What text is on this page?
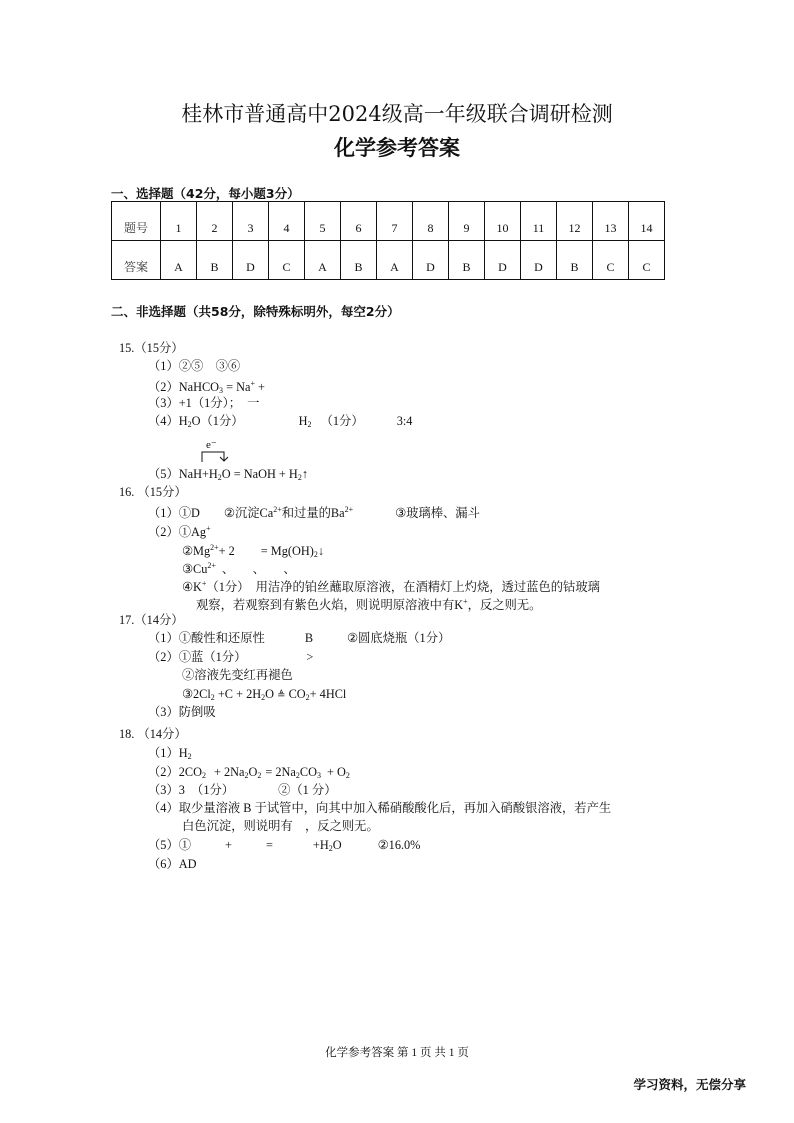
桂林市普通高中2024级高一年级联合调研检测
化学参考答案
一、选择题（42分，每小题3分）
题号	1	2	3	4	5	6	7	8	9	10	11	12	13	14

答案	A	B	D	C	A	B	A	D	B	D	D	B	C	C
二、非选择题（共58分，除特殊标明外，每空2分）
15.（15分）
（1）②⑤　③⑥
（2）NaHCO$_3$ = Na+ +
（3）+1（1分）；　一
$(4)H_2O(1$分）	$H_2$ （1分）	3:4
e⁻
$(5)NaH+H_2O$ = NaOH + $H_2↑$
16. （15分）
（1）①D ②沉淀$Ca^{2+}$和过量的$Ba^{2+}$	③玻璃棒、漏斗
（2）①Ag+
$②Mg^{2+}+ 2$ = $Mg(OH)_2↓$
$③Cu^{2+}$ 、　　、　　、
④K+（1分）　用洁净的铂丝蘸取原溶液，在酒精灯上灼烧，透过蓝色的钴玻璃
观察，若观察到有紫色火焰，则说明原溶液中有K+，反之则无。
17.（14分）
（1）①酸性和还原性	B	②圆底烧瓶（1分）
（2）①蓝（1分）	>
②溶液先变红再褪色
$③2Cl_2 +C + 2H_2O$ ≜ $CO_2+ 4HCl$
（3）防倒吸
18. （14分）
$(1)H_2$
$(2)2CO_2 + 2Na_2O_2 = 2Na_2CO_3 + O_2$
（3）3　（1分）	②（1 分）
（4）取少量溶液 B 于试管中，向其中加入稀硝酸酸化后，再加入硝酸银溶液，若产生
白色沉淀，则说明有　，反之则无。
（5）①	+	=	$+H_2O$	②16.0%
（6）AD
化学参考答案 第 1 页 共 1 页
学习资料，无偿分享
